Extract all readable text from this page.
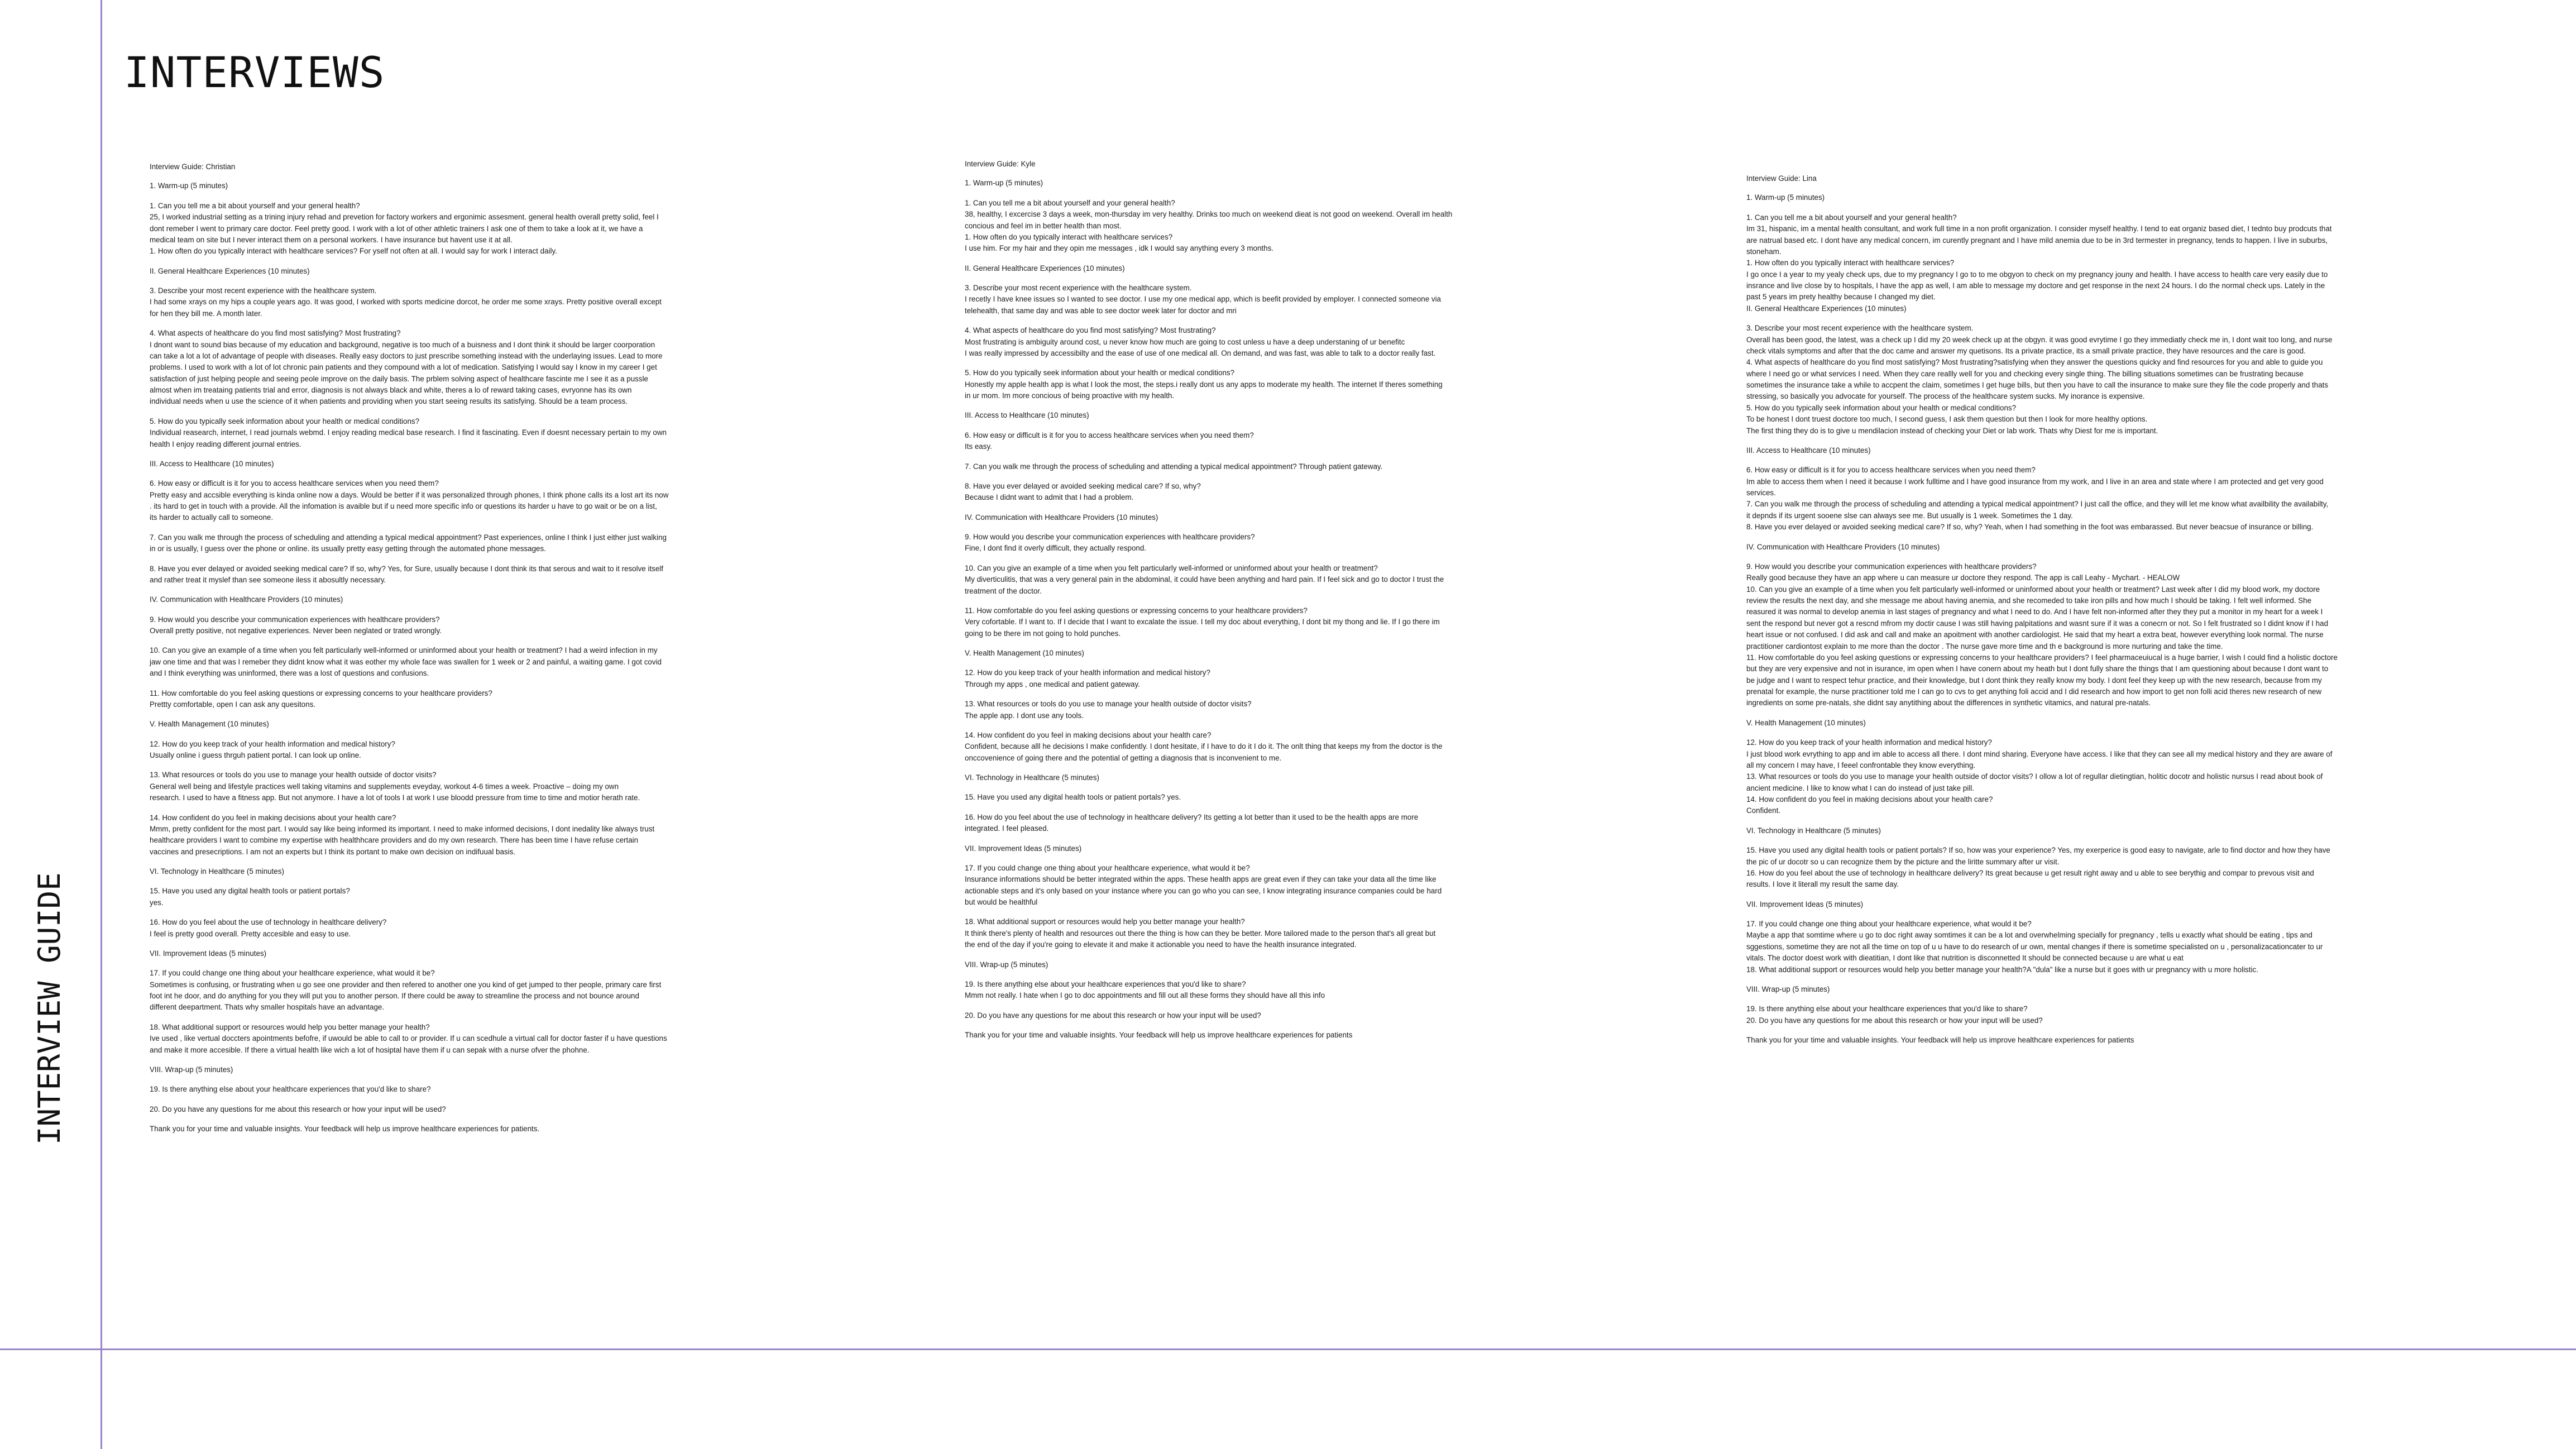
INTERVIEWS
INTERVIEW GUIDE
Interview Guide: Christian
1. Warm-up (5 minutes)
1. Can you tell me a bit about yourself and your general health?
25, I worked industrial setting as a trining injury rehad and prevetion for factory workers and ergonimic assesment. general health overall pretty solid, feel I
dont remeber I went to primary care doctor. Feel pretty good. I work with a lot of other athletic trainers I ask one of them to take a look at it, we have a
medical team on site but I never interact them on a personal workers. I have insurance but havent use it at all.
1. How often do you typically interact with healthcare services? For yself not often at all. I would say for work I interact daily.
II. General Healthcare Experiences (10 minutes)
3. Describe your most recent experience with the healthcare system.
I had some xrays on my hips a couple years ago. It was good, I worked with sports medicine dorcot, he order me some xrays. Pretty positive overall except
for hen they bill me. A month later.
4. What aspects of healthcare do you find most satisfying? Most frustrating?
I dnont want to sound bias because of my education and background, negative is too much of a buisness and I dont think it should be larger coorporation
can take a lot a lot of advantage of people with diseases. Really easy doctors to just prescribe something instead with the underlaying issues. Lead to more
problems. I used to work with a lot of lot chronic pain patients and they compound with a lot of medication. Satisfying I would say I know in my career I get
satisfaction of just helping people and seeing peole improve on the daily basis. The prblem solving aspect of healthcare fascinte me I see it as a pussle
almost when im treataing patients trial and error, diagnosis is not always black and white, theres a lo of reward taking cases, evryonne has its own
individual needs when u use the science of it when patients and providing when you start seeing results its satisfying. Should be a team process.
5. How do you typically seek information about your health or medical conditions?
Individual reasearch, internet, I read journals webmd. I enjoy reading medical base research. I find it fascinating. Even if doesnt necessary pertain to my own
health I enjoy reading different journal entries.
III. Access to Healthcare (10 minutes)
6. How easy or difficult is it for you to access healthcare services when you need them?
Pretty easy and accsible everything is kinda online now a days. Would be better if it was personalized through phones, I think phone calls its a lost art its now
. its hard to get in touch with a provide. All the infomation is avaible but if u need more specific info or questions its harder u have to go wait or be on a list,
its harder to actually call to someone.
7. Can you walk me through the process of scheduling and attending a typical medical appointment? Past experiences, online I think I just either just walking
in or is usually, I guess over the phone or online. its usually pretty easy getting through the automated phone messages.
8. Have you ever delayed or avoided seeking medical care? If so, why? Yes, for Sure, usually because I dont think its that serous and wait to it resolve itself
and rather treat it myslef than see someone iless it abosultly necessary.
IV. Communication with Healthcare Providers (10 minutes)
9. How would you describe your communication experiences with healthcare providers?
Overall pretty positive, not negative experiences. Never been neglated or trated wrongly.
10. Can you give an example of a time when you felt particularly well-informed or uninformed about your health or treatment? I had a weird infection in my
jaw one time and that was I remeber they didnt know what it was eother my whole face was swallen for 1 week or 2 and painful, a waiting game. I got covid
and I think everything was uninformed, there was a lost of questions and confusions.
11. How comfortable do you feel asking questions or expressing concerns to your healthcare providers?
Prettty comfortable, open I can ask any quesitons.
V. Health Management (10 minutes)
12. How do you keep track of your health information and medical history?
Usually online i guess thrguh patient portal. I can look up online.
13. What resources or tools do you use to manage your health outside of doctor visits?
General well being and lifestyle practices well taking vitamins and supplements eveyday, workout 4-6 times a week. Proactive – doing my own
research. I used to have a fitness app. But not anymore. I have a lot of tools I at work I use bloodd pressure from time to time and motior herath rate.
14. How confident do you feel in making decisions about your health care?
Mmm, pretty confident for the most part. I would say like being informed its important. I need to make informed decisions, I dont inedality like always trust
healthcare providers I want to combine my expertise with healthhcare providers and do my own research. There has been time I have refuse certain
vaccines and presecriptions. I am not an experts but I think its portant to make own decision on indifuual basis.
VI. Technology in Healthcare (5 minutes)
15. Have you used any digital health tools or patient portals?
yes.
16. How do you feel about the use of technology in healthcare delivery?
I feel is pretty good overall. Pretty accesible and easy to use.
VII. Improvement Ideas (5 minutes)
17. If you could change one thing about your healthcare experience, what would it be?
Sometimes is confusing, or frustrating when u go see one provider and then refered to another one you kind of get jumped to ther people, primary care first
foot int he door, and do anything for you they will put you to another person. If there could be away to streamline the process and not bounce around
different deepartment. Thats why smaller hospitals have an advantage.
18. What additional support or resources would help you better manage your health?
Ive used , like vertual doccters apointments befofre, if uwould be able to call to or provider. If u can scedhule a virtual call for doctor faster if u have questions
and make it more accesible. If there a virtual health like wich a lot of hosiptal have them if u can sepak with a nurse ofver the phohne.
VIII. Wrap-up (5 minutes)
19. Is there anything else about your healthcare experiences that you'd like to share?
20. Do you have any questions for me about this research or how your input will be used?
Thank you for your time and valuable insights. Your feedback will help us improve healthcare experiences for patients.
Interview Guide: Kyle
1. Warm-up (5 minutes)
1. Can you tell me a bit about yourself and your general health?
38, healthy, I excercise 3 days a week, mon-thursday im very healthy. Drinks too much on weekend dieat is not good on weekend. Overall im health
concious and feel im in better health than most.
1. How often do you typically interact with healthcare services?
I use him. For my hair and they opin me messages , idk I would say anything every 3 months.
II. General Healthcare Experiences (10 minutes)
3. Describe your most recent experience with the healthcare system.
I recetly I have knee issues so I wanted to see doctor. I use my one medical app, which is beefit provided by employer. I connected someone via
telehealth, that same day and was able to see doctor week later for doctor and mri
4. What aspects of healthcare do you find most satisfying? Most frustrating?
Most frustrating is ambiguity around cost, u never know how much are going to cost unless u have a deep understaning of ur benefitc
I was really impressed by accessibilty and the ease of use of one medical all. On demand, and was fast, was able to talk to a doctor really fast.
5. How do you typically seek information about your health or medical conditions?
Honestly my apple health app is what I look the most, the steps.i really dont us any apps to moderate my health. The internet If theres something
in ur mom. Im more concious of being proactive with my health.
III. Access to Healthcare (10 minutes)
6. How easy or difficult is it for you to access healthcare services when you need them?
Its easy.
7. Can you walk me through the process of scheduling and attending a typical medical appointment? Through patient gateway.
8. Have you ever delayed or avoided seeking medical care? If so, why?
Because I didnt want to admit that I had a problem.
IV. Communication with Healthcare Providers (10 minutes)
9. How would you describe your communication experiences with healthcare providers?
Fine, I dont find it overly difficult, they actually respond.
10. Can you give an example of a time when you felt particularly well-informed or uninformed about your health or treatment?
My diverticulitis, that was a very general pain in the abdominal, it could have been anything and hard pain. If I feel sick and go to doctor I trust the
treatment of the doctor.
11. How comfortable do you feel asking questions or expressing concerns to your healthcare providers?
Very cofortable. If I want to. If I decide that I want to excalate the issue. I tell my doc about everything, I dont bit my thong and lie. If I go there im
going to be there im not going to hold punches.
V. Health Management (10 minutes)
12. How do you keep track of your health information and medical history?
Through my apps , one medical and patient gateway.
13. What resources or tools do you use to manage your health outside of doctor visits?
The apple app. I dont use any tools.
14. How confident do you feel in making decisions about your health care?
Confident, because alll he decisions I make confidently. I dont hesitate, if I have to do it I do it. The onlt thing that keeps my from the doctor is the
onccovenience of going there and the potential of getting a diagnosis that is inconvenient to me.
VI. Technology in Healthcare (5 minutes)
15. Have you used any digital health tools or patient portals? yes.
16. How do you feel about the use of technology in healthcare delivery? Its getting a lot better than it used to be the health apps are more
integrated. I feel pleased.
VII. Improvement Ideas (5 minutes)
17. If you could change one thing about your healthcare experience, what would it be?
Insurance informations should be better integrated within the apps. These health apps are great even if they can take your data all the time like
actionable steps and it's only based on your instance where you can go who you can see, I know integrating insurance companies could be hard
but would be healthful
18. What additional support or resources would help you better manage your health?
It think there's plenty of health and resources out there the thing is how can they be better. More tailored made to the person that's all great but
the end of the day if you're going to elevate it and make it actionable you need to have the health insurance integrated.
VIII. Wrap-up (5 minutes)
19. Is there anything else about your healthcare experiences that you'd like to share?
Mmm not really. I hate when I go to doc appointments and fill out all these forms they should have all this info
20. Do you have any questions for me about this research or how your input will be used?
Thank you for your time and valuable insights. Your feedback will help us improve healthcare experiences for patients
Interview Guide: Lina
1. Warm-up (5 minutes)
1. Can you tell me a bit about yourself and your general health?
Im 31, hispanic, im a mental health consultant, and work full time in a non profit organization. I consider myself healthy. I tend to eat organiz based diet, I tednto buy prodcuts that
are natrual based etc. I dont have any medical concern, im curently pregnant and I have mild anemia due to be in 3rd termester in pregnancy, tends to happen. I live in suburbs,
stoneham.
1. How often do you typically interact with healthcare services?
I go once I a year to my yealy check ups, due to my pregnancy I go to to me obgyon to check on my pregnancy jouny and health. I have access to health care very easily due to
insrance and live close by to hospitals, I have the app as well, I am able to message my doctore and get response in the next 24 hours. I do the normal check ups. Lately in the
past 5 years im prety healthy because I changed my diet.
II. General Healthcare Experiences (10 minutes)
3. Describe your most recent experience with the healthcare system.
Overall has been good, the latest, was a check up I did my 20 week check up at the obgyn. it was good evrytime I go they immediatly check me in, I dont wait too long, and nurse
check vitals symptoms and after that the doc came and answer my quetisons. Its a private practice, its a small private practice, they have resources and the care is good.
4. What aspects of healthcare do you find most satisfying? Most frustrating?satisfying when they answer the questions quicky and find resources for you and able to guide you
where I need go or what services I need. When they care reallly well for you and checking every single thing. The billing situations sometimes can be frustrating because
sometimes the insurance take a while to accpent the claim, sometimes I get huge bills, but then you have to call the insurance to make sure they file the code properly and thats
stressing, so basically you advocate for yourself. The process of the healthcare system sucks. My inorance is expensive.
5. How do you typically seek information about your health or medical conditions?
To be honest I dont truest doctore too much, I second guess, I ask them question but then I look for more healthy options.
The first thing they do is to give u mendilacion instead of checking your Diet or lab work. Thats why Diest for me is important.
III. Access to Healthcare (10 minutes)
6. How easy or difficult is it for you to access healthcare services when you need them?
Im able to access them when I need it because I work fulltime and I have good insurance from my work, and I live in an area and state where I am protected and get very good
services.
7. Can you walk me through the process of scheduling and attending a typical medical appointment? I just call the office, and they will let me know what availbility the availabilty,
it depnds if its urgent sooene slse can always see me. But usually is 1 week. Sometimes the 1 day.
8. Have you ever delayed or avoided seeking medical care? If so, why? Yeah, when I had something in the foot was embarassed. But never beacsue of insurance or billing.
IV. Communication with Healthcare Providers (10 minutes)
9. How would you describe your communication experiences with healthcare providers?
Really good because they have an app where u can measure ur doctore they respond. The app is call Leahy - Mychart. - HEALOW
10. Can you give an example of a time when you felt particularly well-informed or uninformed about your health or treatment? Last week after I did my blood work, my doctore
review the results the next day, and she message me about having anemia, and she recomeded to take iron pills and how much I should be taking. I felt well informed. She
reasured it was normal to develop anemia in last stages of pregnancy and what I need to do. And I have felt non-informed after they they put a monitor in my heart for a week I
sent the respond but never got a rescnd mfrom my doctir cause I was still having palpitations and wasnt sure if it was a conecrn or not. So I felt frustrated so I didnt know if I had
heart issue or not confused. I did ask and call and make an apoitment with another cardiologist. He said that my heart a extra beat, however everything look normal. The nurse
practitioner cardiontost explain to me more than the doctor . The nurse gave more time and th e background is more nurturing and take the time.
11. How comfortable do you feel asking questions or expressing concerns to your healthcare providers? I feel pharmaceuiucal is a huge barrier, I wish I could find a holistic doctore
but they are very expensive and not in isurance, im open when I have conern about my heath but I dont fully share the things that I am questioning about because I dont want to
be judge and I want to respect tehur practice, and their knowledge, but I dont think they really know my body. I dont feel they keep up with the new research, because from my
prenatal for example, the nurse practitioner told me I can go to cvs to get anything foli accid and I did research and how import to get non folli acid theres new research of new
ingredients on some pre-natals, she didnt say anytithing about the differences in synthetic vitamics, and natural pre-natals.
V. Health Management (10 minutes)
12. How do you keep track of your health information and medical history?
I just blood work evrything to app and im able to access all there. I dont mind sharing. Everyone have access. I like that they can see all my medical history and they are aware of
all my concern I may have, I feeel confrontable they know everything.
13. What resources or tools do you use to manage your health outside of doctor visits? I ollow a lot of regullar dietingtian, holitic docotr and holistic nursus I read about book of
ancient medicine. I like to know what I can do instead of just take pill.
14. How confident do you feel in making decisions about your health care?
Confident.
VI. Technology in Healthcare (5 minutes)
15. Have you used any digital health tools or patient portals? If so, how was your experience? Yes, my exerperice is good easy to navigate, arle to find doctor and how they have
the pic of ur docotr so u can recognize them by the picture and the liritte summary after ur visit.
16. How do you feel about the use of technology in healthcare delivery? Its great because u get result right away and u able to see berythig and compar to prevous visit and
results. I love it literall my result the same day.
VII. Improvement Ideas (5 minutes)
17. If you could change one thing about your healthcare experience, what would it be?
Maybe a app that somtime where u go to doc right away somtimes it can be a lot and overwhelming specially for pregnancy , tells u exactly what should be eating , tips and
sggestions, sometime they are not all the time on top of u u have to do research of ur own, mental changes if there is sometime specialisted on u , personalizacationcater to ur
vitals. The doctor doest work with dieatitian, I dont like that nutrition is disconnetted It should be connected because u are what u eat
18. What additional support or resources would help you better manage your health?A "dula" like a nurse but it goes with ur pregnancy with u more holistic.
VIII. Wrap-up (5 minutes)
19. Is there anything else about your healthcare experiences that you'd like to share?
20. Do you have any questions for me about this research or how your input will be used?
Thank you for your time and valuable insights. Your feedback will help us improve healthcare experiences for patients
